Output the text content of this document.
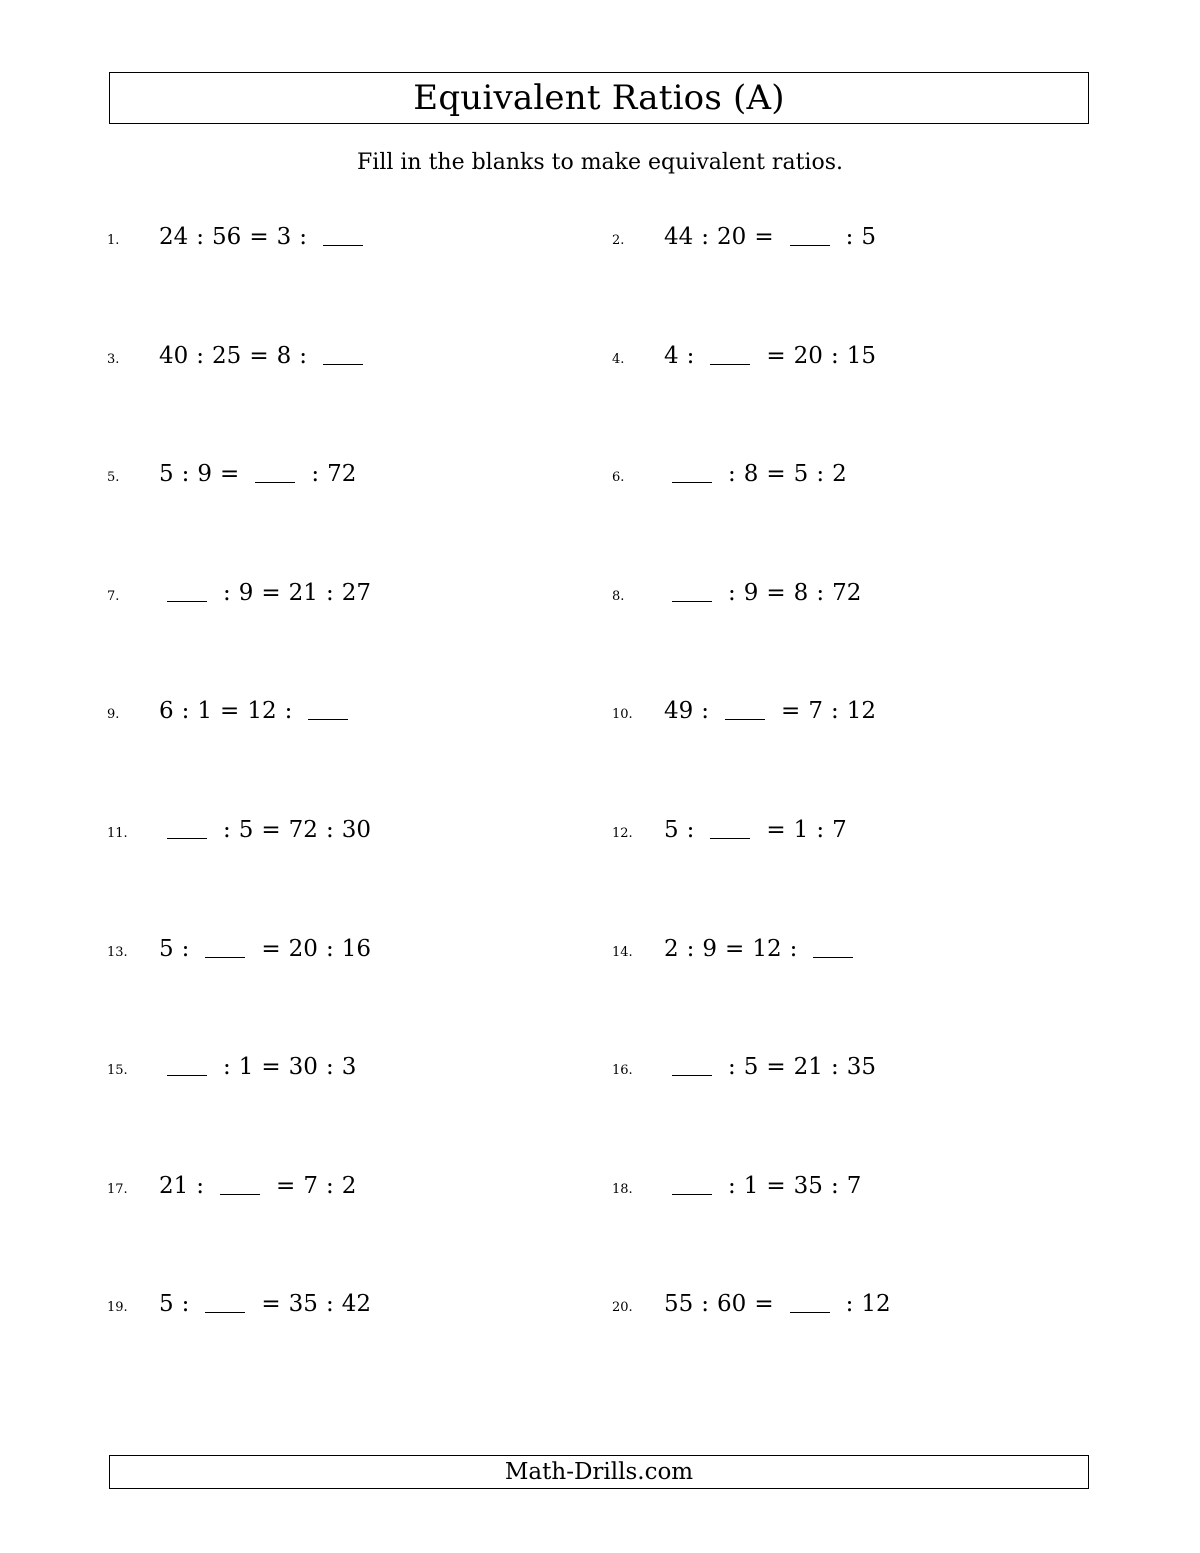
Equivalent Ratios (A)
Fill in the blanks to make equivalent ratios.
1.	24 : 56 = 3 :	2.	44 : 20 =	: 5
3.	40 : 25 = 8 :	4.	4 :	= 20 : 15
5.	5 : 9 =	: 72	6.	: 8 = 5 : 2
7.	: 9 = 21 : 27	8.	: 9 = 8 : 72
9.	6 : 1 = 12 :	10.	49 :	= 7 : 12
11.	: 5 = 72 : 30	12.	5 :	= 1 : 7
13.	5 :	= 20 : 16	14.	2 : 9 = 12 :
15.	: 1 = 30 : 3	16.	: 5 = 21 : 35
17.	21 :	= 7 : 2	18.	: 1 = 35 : 7
19.	5 :	= 35 : 42	20.	55 : 60 =	: 12
Math-Drills.com
